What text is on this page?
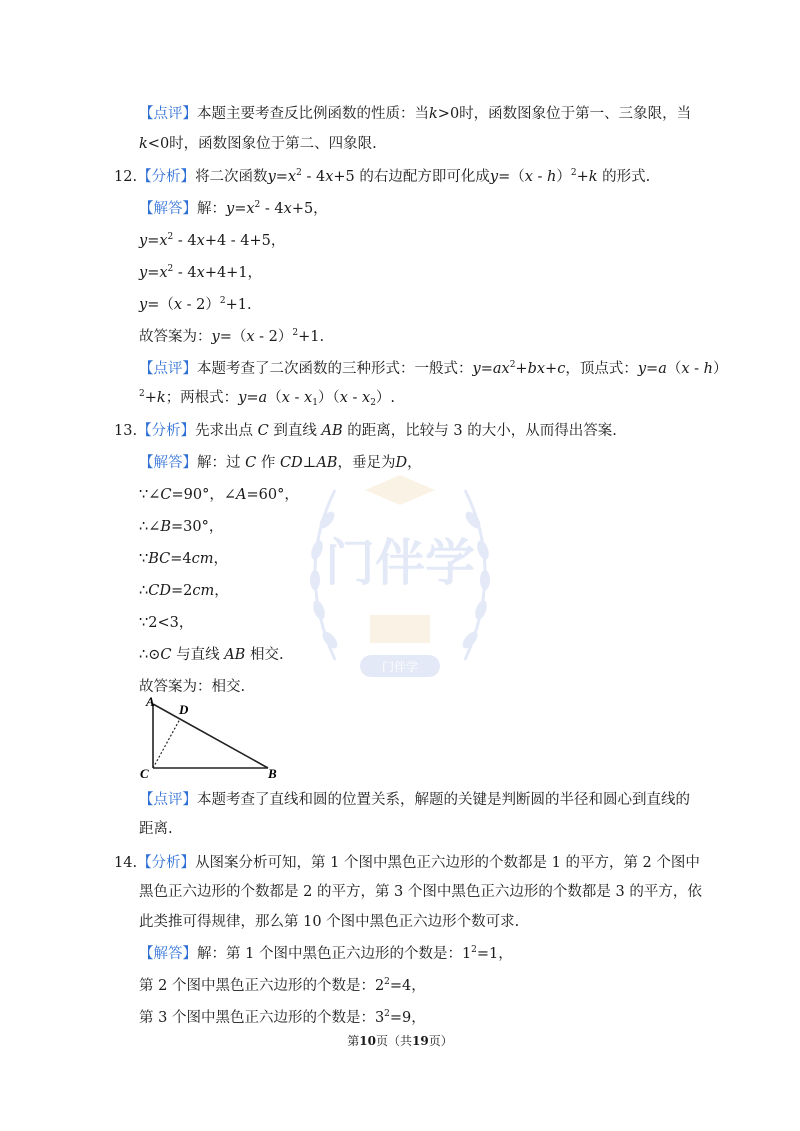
门伴学
门伴学
【点评】本题主要考查反比例函数的性质：当k>0时，函数图象位于第一、三象限，当
k<0时，函数图象位于第二、四象限.
12.【分析】将二次函数$y=x^2 - 4x+5$ 的右边配方即可化成y=（x - h）$^2$+k 的形式.
【解答】解：$y=x^2 - 4x+5$，
$y=x^2 - 4x+4 - 4+5$，
$y=x^2 - 4x+4+1$，
y=（x - 2）$^2$+1.
故答案为：y=（x - 2）$^2$+1.
【点评】本题考查了二次函数的三种形式：一般式：$y=ax^2+bx+c$，顶点式：y=a（x - h）
$^2$+k；两根式：$y=a(x - x_1)(x - x_2)$.
13.【分析】先求出点 C 到直线 AB 的距离，比较与 3 的大小，从而得出答案.
【解答】解：过 C 作 CD⊥AB，垂足为D，
∵∠C=90°，∠A=60°，
∴∠B=30°，
∵BC=4cm，
∴CD=2cm，
∵2<3，
∴⊙C 与直线 AB 相交.
故答案为：相交.
A
D
C	B
【点评】本题考查了直线和圆的位置关系，解题的关键是判断圆的半径和圆心到直线的
距离.
14.【分析】从图案分析可知，第 1 个图中黑色正六边形的个数都是 1 的平方，第 2 个图中
黑色正六边形的个数都是 2 的平方，第 3 个图中黑色正六边形的个数都是 3 的平方，依
此类推可得规律，那么第 10 个图中黑色正六边形个数可求.
【解答】解：第 1 个图中黑色正六边形的个数是：$1^2=1$，
第 2 个图中黑色正六边形的个数是：$2^2=4$，
第 3 个图中黑色正六边形的个数是：$3^2=9$，
第10页（共19页）
